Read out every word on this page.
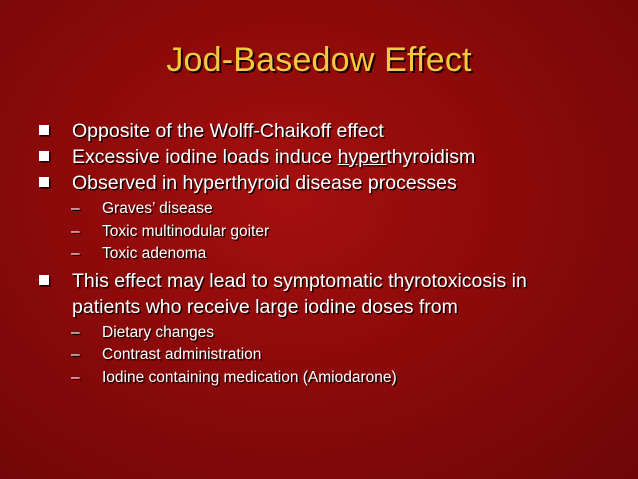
Jod-Basedow Effect
Opposite of the Wolff-Chaikoff effect
Excessive iodine loads induce hyperthyroidism
Observed in hyperthyroid disease processes
– Graves’ disease
– Toxic multinodular goiter
– Toxic adenoma
This effect may lead to symptomatic thyrotoxicosis in
patients who receive large iodine doses from
– Dietary changes
– Contrast administration
– Iodine containing medication (Amiodarone)
